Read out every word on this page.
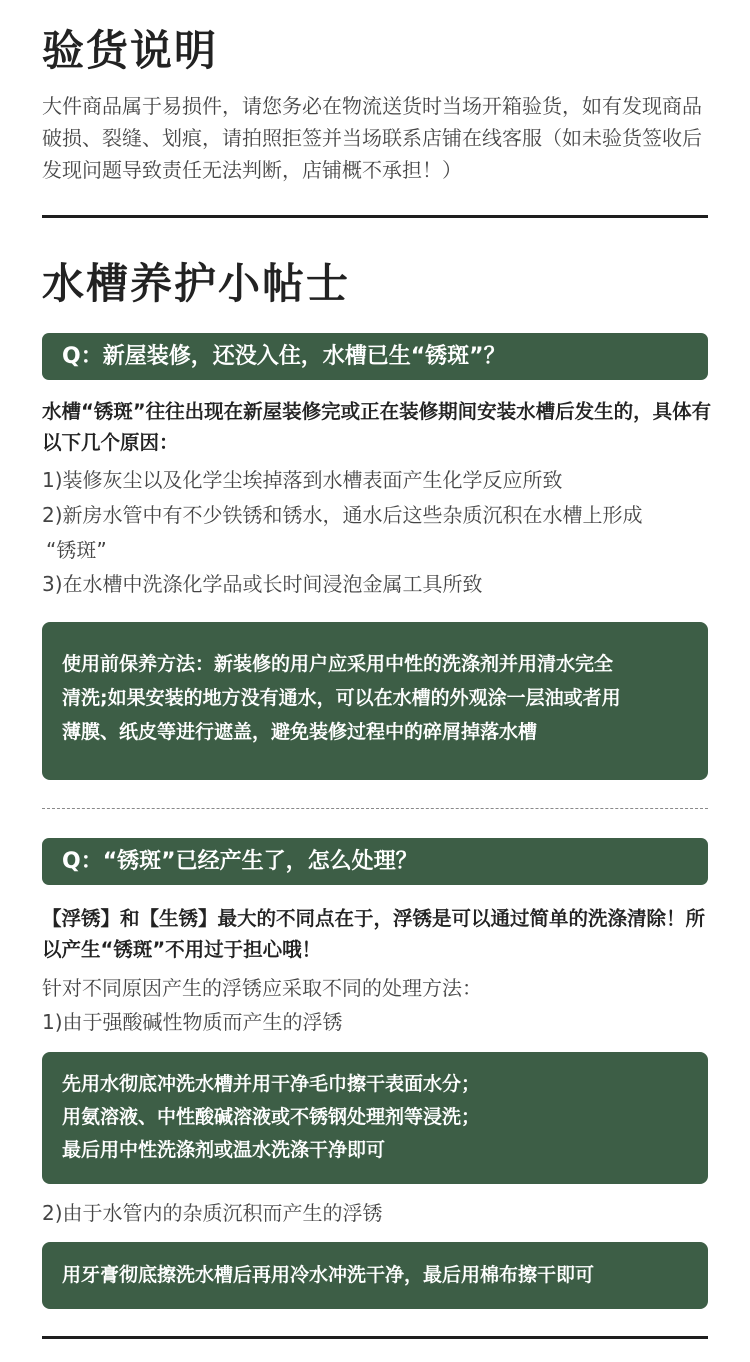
验货说明
大件商品属于易损件，请您务必在物流送货时当场开箱验货，如有发现商品破损、裂缝、划痕，请拍照拒签并当场联系店铺在线客服（如未验货签收后发现问题导致责任无法判断，店铺概不承担！）
水槽养护小帖士
Q：新屋装修，还没入住，水槽已生“锈斑”？
水槽“锈斑”往往出现在新屋装修完或正在装修期间安装水槽后发生的，具体有以下几个原因：
1)装修灰尘以及化学尘埃掉落到水槽表面产生化学反应所致
2)新房水管中有不少铁锈和锈水，通水后这些杂质沉积在水槽上形成
“锈斑”
3)在水槽中洗涤化学品或长时间浸泡金属工具所致
使用前保养方法：新装修的用户应采用中性的洗涤剂并用清水完全
清洗;如果安装的地方没有通水，可以在水槽的外观涂一层油或者用
薄膜、纸皮等进行遮盖，避免装修过程中的碎屑掉落水槽
Q：“锈斑”已经产生了，怎么处理？
【浮锈】和【生锈】最大的不同点在于，浮锈是可以通过简单的洗涤清除！所以产生“锈斑”不用过于担心哦！
针对不同原因产生的浮锈应采取不同的处理方法：
1)由于强酸碱性物质而产生的浮锈
先用水彻底冲洗水槽并用干净毛巾擦干表面水分；
用氨溶液、中性酸碱溶液或不锈钢处理剂等浸洗；
最后用中性洗涤剂或温水洗涤干净即可
2)由于水管内的杂质沉积而产生的浮锈
用牙膏彻底擦洗水槽后再用冷水冲洗干净，最后用棉布擦干即可
